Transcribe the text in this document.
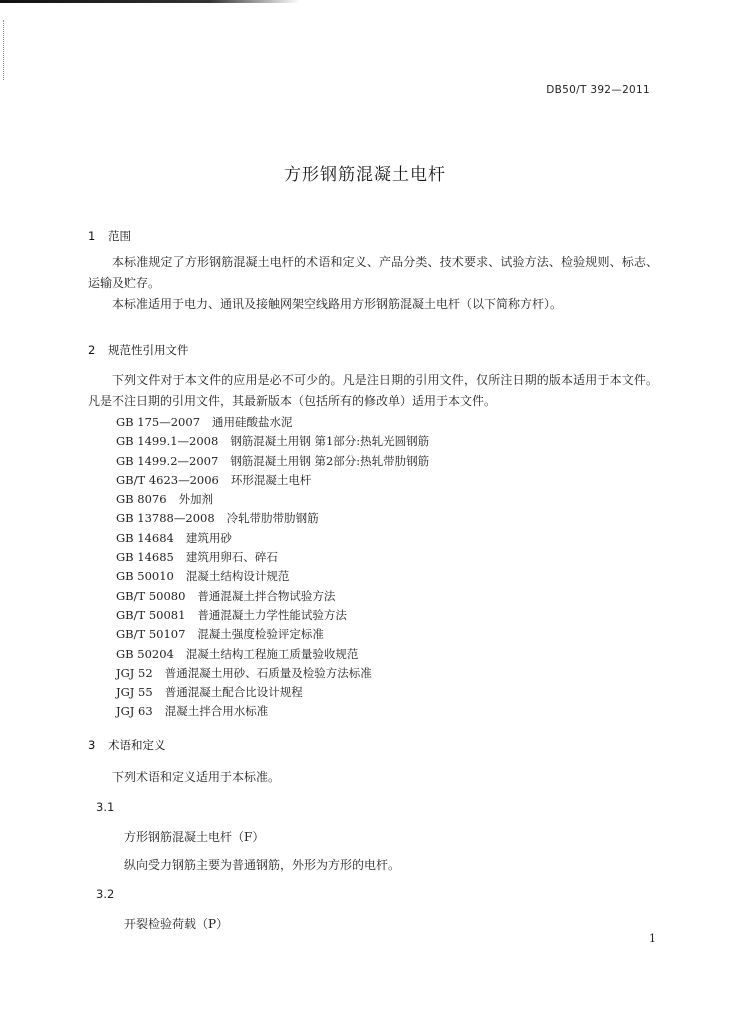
DB50/T 392—2011
方形钢筋混凝土电杆
1 范围
本标准规定了方形钢筋混凝土电杆的术语和定义、产品分类、技术要求、试验方法、检验规则、标志、运输及贮存。
本标准适用于电力、通讯及接触网架空线路用方形钢筋混凝土电杆（以下简称方杆）。
2 规范性引用文件
下列文件对于本文件的应用是必不可少的。凡是注日期的引用文件，仅所注日期的版本适用于本文件。凡是不注日期的引用文件，其最新版本（包括所有的修改单）适用于本文件。
GB 175—2007 通用硅酸盐水泥
GB 1499.1—2008 钢筋混凝土用钢 第1部分:热轧光圆钢筋
GB 1499.2—2007 钢筋混凝土用钢 第2部分:热轧带肋钢筋
GB/T 4623—2006 环形混凝土电杆
GB 8076 外加剂
GB 13788—2008 冷轧带肋带肋钢筋
GB 14684 建筑用砂
GB 14685 建筑用卵石、碎石
GB 50010 混凝土结构设计规范
GB/T 50080 普通混凝土拌合物试验方法
GB/T 50081 普通混凝土力学性能试验方法
GB/T 50107 混凝土强度检验评定标准
GB 50204 混凝土结构工程施工质量验收规范
JGJ 52 普通混凝土用砂、石质量及检验方法标准
JGJ 55 普通混凝土配合比设计规程
JGJ 63 混凝土拌合用水标准
3 术语和定义
下列术语和定义适用于本标准。
3.1
方形钢筋混凝土电杆（F）
纵向受力钢筋主要为普通钢筋，外形为方形的电杆。
3.2
开裂检验荷载（P）
1
